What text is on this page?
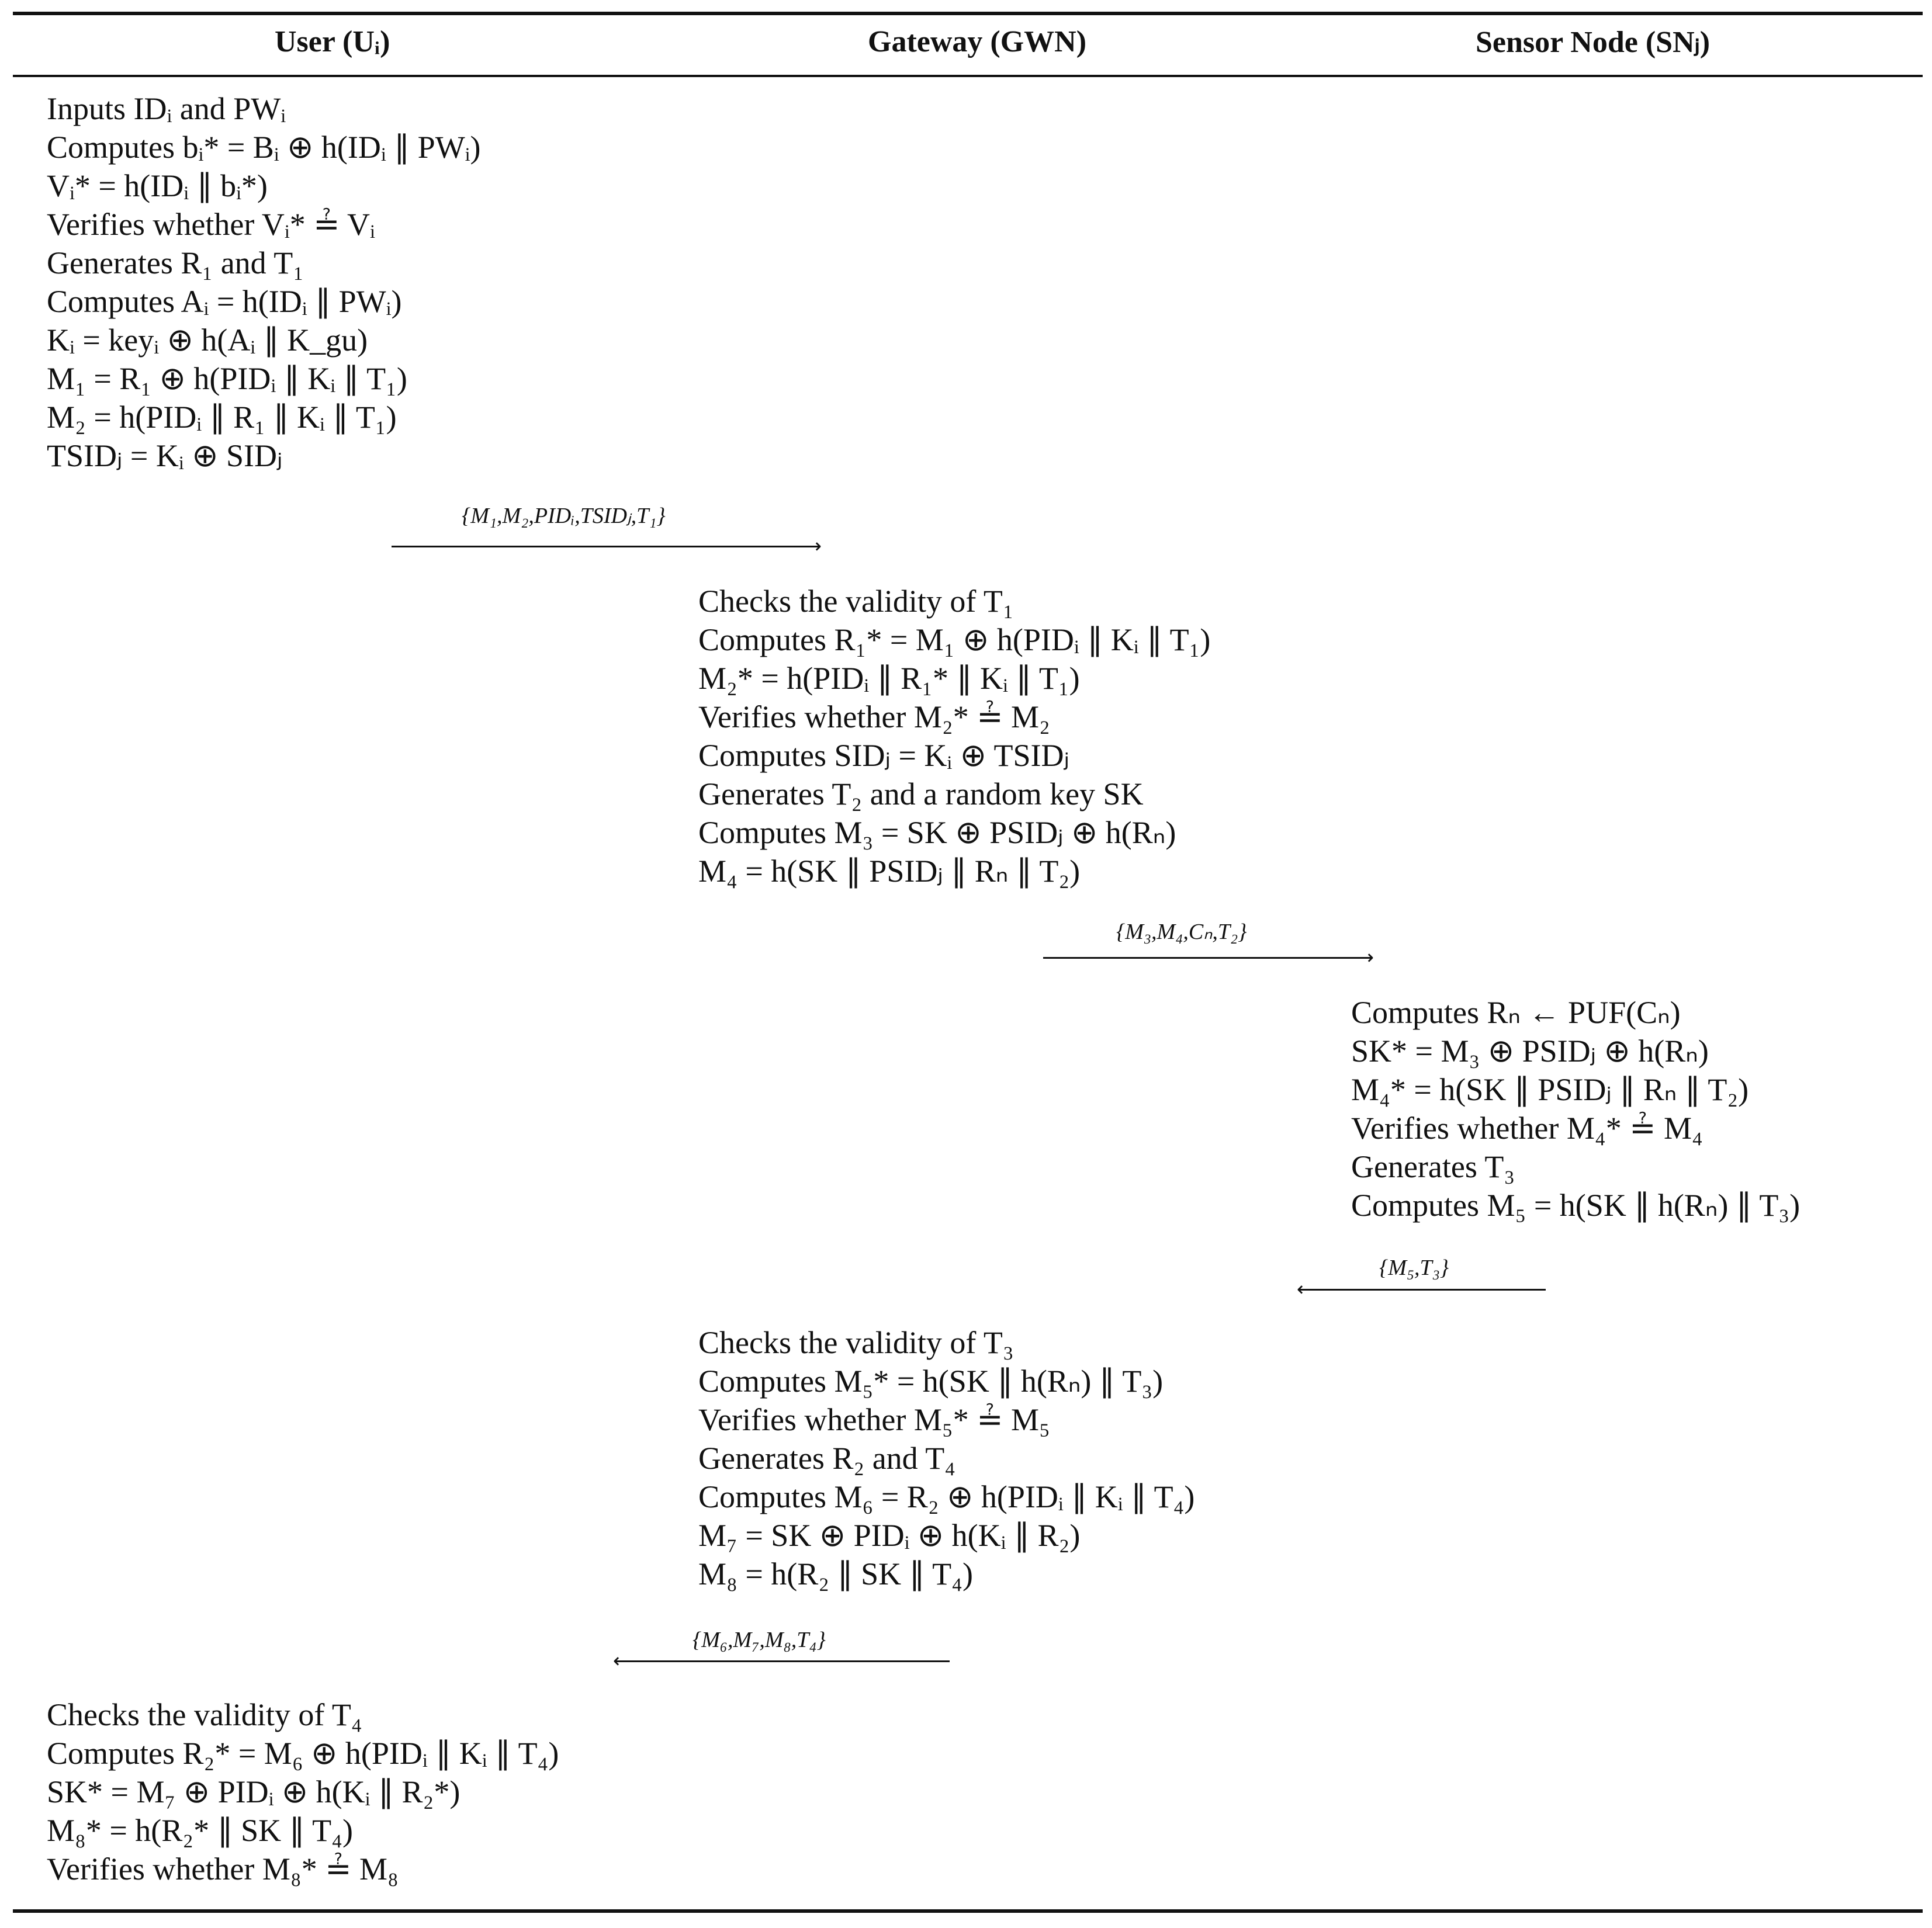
User (Uᵢ)	Gateway (GWN)	Sensor Node (SNⱼ)
Inputs IDᵢ and PWᵢ
Computes bᵢ* = Bᵢ ⊕ h(IDᵢ ∥ PWᵢ)
Vᵢ* = h(IDᵢ ∥ bᵢ*)
Verifies whether Vᵢ* ≟ Vᵢ
Generates R₁ and T₁
Computes Aᵢ = h(IDᵢ ∥ PWᵢ)
Kᵢ = keyᵢ ⊕ h(Aᵢ ∥ K_gu)
M₁ = R₁ ⊕ h(PIDᵢ ∥ Kᵢ ∥ T₁)
M₂ = h(PIDᵢ ∥ R₁ ∥ Kᵢ ∥ T₁)
TSIDⱼ = Kᵢ ⊕ SIDⱼ
{M₁,M₂,PIDᵢ,TSIDⱼ,T₁}
⟶
Checks the validity of T₁
Computes R₁* = M₁ ⊕ h(PIDᵢ ∥ Kᵢ ∥ T₁)
M₂* = h(PIDᵢ ∥ R₁* ∥ Kᵢ ∥ T₁)
Verifies whether M₂* ≟ M₂
Computes SIDⱼ = Kᵢ ⊕ TSIDⱼ
Generates T₂ and a random key SK
Computes M₃ = SK ⊕ PSIDⱼ ⊕ h(Rₙ)
M₄ = h(SK ∥ PSIDⱼ ∥ Rₙ ∥ T₂)
{M₃,M₄,Cₙ,T₂}
⟶
Computes Rₙ ← PUF(Cₙ)
SK* = M₃ ⊕ PSIDⱼ ⊕ h(Rₙ)
M₄* = h(SK ∥ PSIDⱼ ∥ Rₙ ∥ T₂)
Verifies whether M₄* ≟ M₄
Generates T₃
Computes M₅ = h(SK ∥ h(Rₙ) ∥ T₃)
{M₅,T₃}
⟵
Checks the validity of T₃
Computes M₅* = h(SK ∥ h(Rₙ) ∥ T₃)
Verifies whether M₅* ≟ M₅
Generates R₂ and T₄
Computes M₆ = R₂ ⊕ h(PIDᵢ ∥ Kᵢ ∥ T₄)
M₇ = SK ⊕ PIDᵢ ⊕ h(Kᵢ ∥ R₂)
M₈ = h(R₂ ∥ SK ∥ T₄)
{M₆,M₇,M₈,T₄}
⟵
Checks the validity of T₄
Computes R₂* = M₆ ⊕ h(PIDᵢ ∥ Kᵢ ∥ T₄)
SK* = M₇ ⊕ PIDᵢ ⊕ h(Kᵢ ∥ R₂*)
M₈* = h(R₂* ∥ SK ∥ T₄)
Verifies whether M₈* ≟ M₈
